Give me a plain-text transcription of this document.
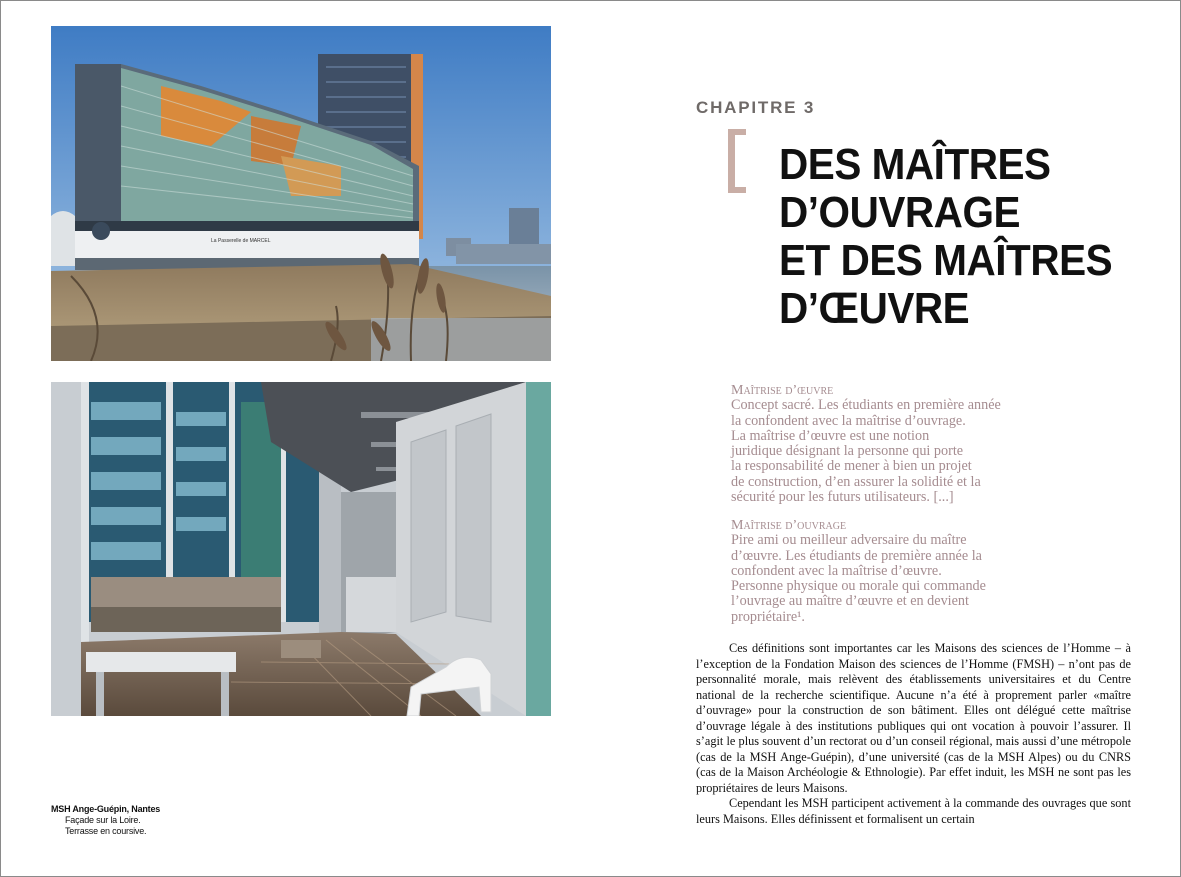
La Passerelle de MARCEL
MSH Ange-Guépin, Nantes
Façade sur la Loire.
Terrasse en coursive.
CHAPITRE 3
DES MAÎTRES
D’OUVRAGE
ET DES MAÎTRES
D’ŒUVRE
Maîtrise d’œuvre
Concept sacré. Les étudiants en première année
la confondent avec la maîtrise d’ouvrage.
La maîtrise d’œuvre est une notion
juridique désignant la personne qui porte
la responsabilité de mener à bien un projet
de construction, d’en assurer la solidité et la
sécurité pour les futurs utilisateurs. [...]
Maîtrise d’ouvrage
Pire ami ou meilleur adversaire du maître
d’œuvre. Les étudiants de première année la
confondent avec la maîtrise d’œuvre.
Personne physique ou morale qui commande
l’ouvrage au maître d’œuvre et en devient
propriétaire¹.

Ces définitions sont importantes car les Maisons des sciences de l’Homme – à l’exception de la Fondation Maison des sciences de l’Homme (FMSH) – n’ont pas de personnalité morale, mais relèvent des établissements universitaires et du Centre national de la recherche scientifique. Aucune n’a été à proprement parler «maître d’ouvrage» pour la construction de son bâtiment. Elles ont délégué cette maîtrise d’ouvrage légale à des institutions publiques qui ont vocation à pouvoir l’assurer. Il s’agit le plus souvent d’un rectorat ou d’un conseil régional, mais aussi d’une métropole (cas de la MSH Ange-Guépin), d’une université (cas de la MSH Alpes) ou du CNRS (cas de la Maison Archéologie & Ethnologie). Par effet induit, les MSH ne sont pas les propriétaires de leurs Maisons.

Cependant les MSH participent activement à la commande des ouvrages que sont leurs Maisons. Elles définissent et formalisent un certain
